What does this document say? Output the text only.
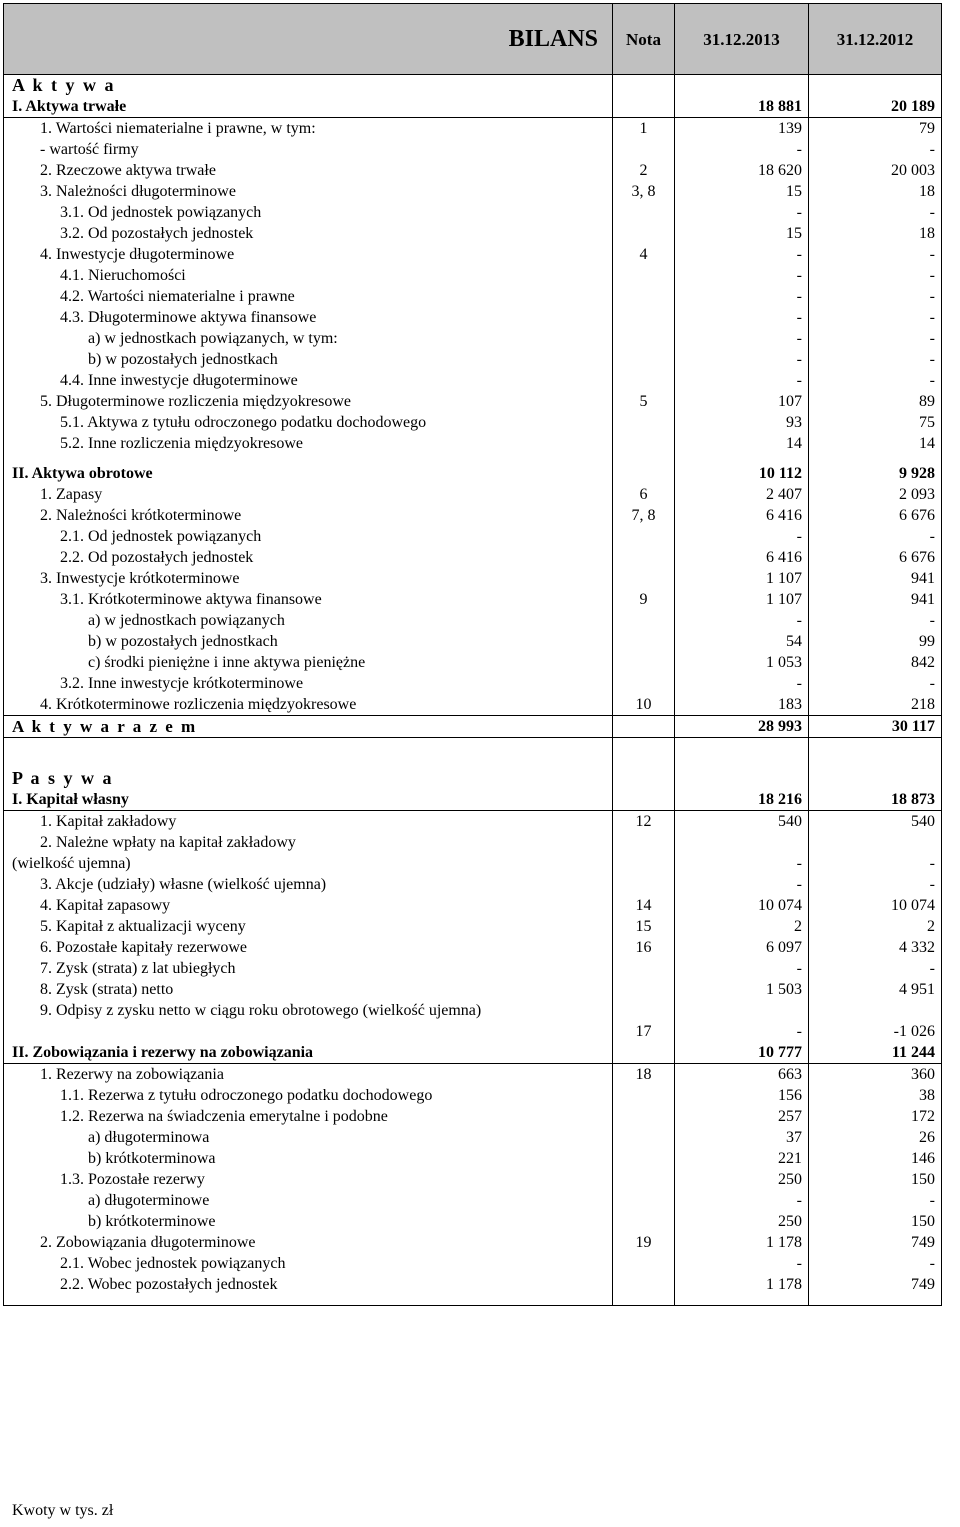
BILANS	Nota	31.12.2013	31.12.2012
A k t y w a			
I. Aktywa trwałe		18 881	20 189
1. Wartości niematerialne i prawne, w tym:	1	139	79
- wartość firmy		-	-
2. Rzeczowe aktywa trwałe	2	18 620	20 003
3. Należności długoterminowe	3, 8	15	18
3.1. Od jednostek powiązanych		-	-
3.2. Od pozostałych jednostek		15	18
4. Inwestycje długoterminowe	4	-	-
4.1. Nieruchomości		-	-
4.2. Wartości niematerialne i prawne		-	-
4.3. Długoterminowe aktywa finansowe		-	-
a) w jednostkach powiązanych, w tym:		-	-
b) w pozostałych jednostkach		-	-
4.4. Inne inwestycje długoterminowe		-	-
5. Długoterminowe rozliczenia międzyokresowe	5	107	89
5.1. Aktywa z tytułu odroczonego podatku dochodowego		93	75
5.2. Inne rozliczenia międzyokresowe		14	14
II. Aktywa obrotowe		10 112	9 928
1. Zapasy	6	2 407	2 093
2. Należności krótkoterminowe	7, 8	6 416	6 676
2.1. Od jednostek powiązanych		-	-
2.2. Od pozostałych jednostek		6 416	6 676
3. Inwestycje krótkoterminowe		1 107	941
3.1. Krótkoterminowe aktywa finansowe	9	1 107	941
a) w jednostkach powiązanych		-	-
b) w pozostałych jednostkach		54	99
c) środki pieniężne i inne aktywa pieniężne		1 053	842
3.2. Inne inwestycje krótkoterminowe		-	-
4. Krótkoterminowe rozliczenia międzyokresowe	10	183	218
A k t y w a r a z e m		28 993	30 117

P a s y w a			
I. Kapitał własny		18 216	18 873
1. Kapitał zakładowy	12	540	540
2. Należne wpłaty na kapitał zakładowy
(wielkość ujemna)		-	-
3. Akcje (udziały) własne (wielkość ujemna)		-	-
4. Kapitał zapasowy	14	10 074	10 074
5. Kapitał z aktualizacji wyceny	15	2	2
6. Pozostałe kapitały rezerwowe	16	6 097	4 332
7. Zysk (strata) z lat ubiegłych		-	-
8. Zysk (strata) netto		1 503	4 951
9. Odpisy z zysku netto w ciągu roku obrotowego (wielkość ujemna)	17	-	-1 026
II. Zobowiązania i rezerwy na zobowiązania		10 777	11 244
1. Rezerwy na zobowiązania	18	663	360
1.1. Rezerwa z tytułu odroczonego podatku dochodowego		156	38
1.2. Rezerwa na świadczenia emerytalne i podobne		257	172
a) długoterminowa		37	26
b) krótkoterminowa		221	146
1.3. Pozostałe rezerwy		250	150
a) długoterminowe		-	-
b) krótkoterminowe		250	150
2. Zobowiązania długoterminowe	19	1 178	749
2.1. Wobec jednostek powiązanych		-	-
2.2. Wobec pozostałych jednostek		1 178	749

Kwoty w tys. zł
